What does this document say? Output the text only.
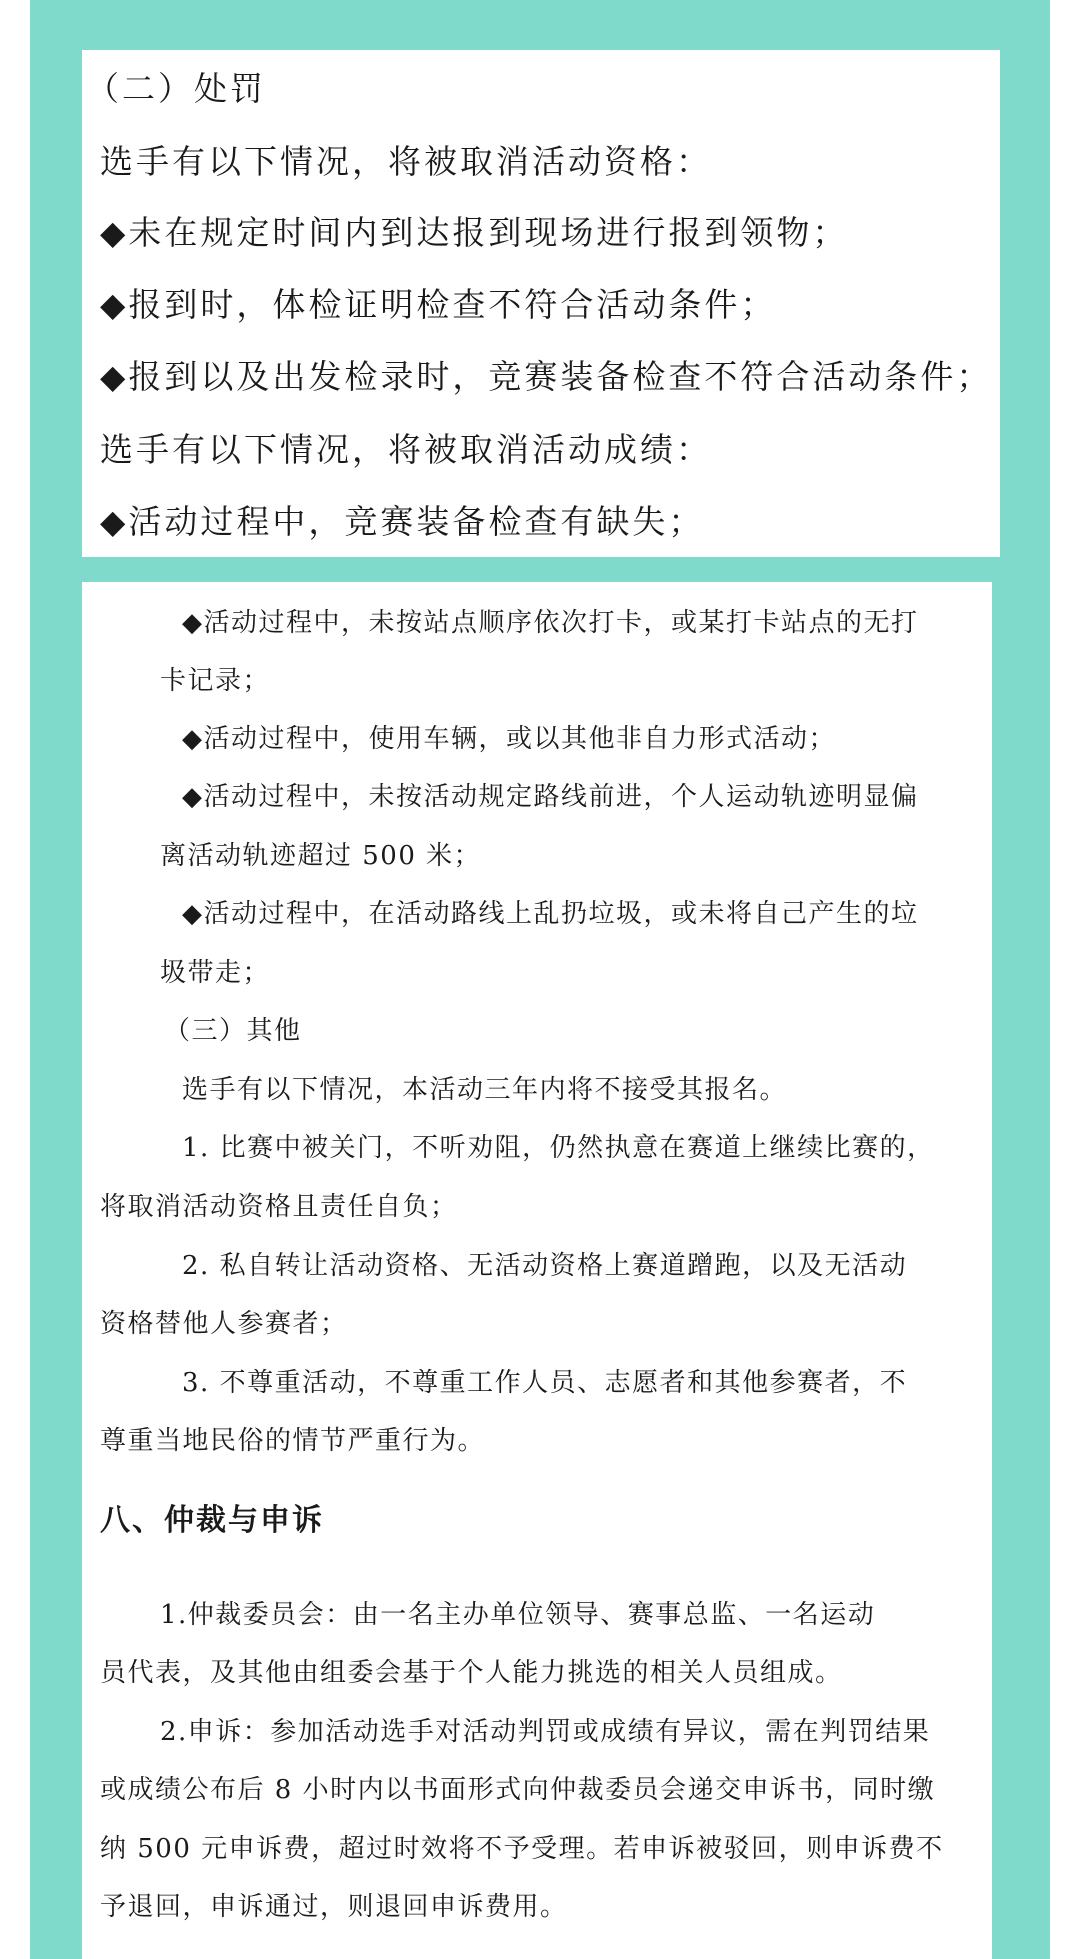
（二）处罚
选手有以下情况，将被取消活动资格：
◆未在规定时间内到达报到现场进行报到领物；
◆报到时，体检证明检查不符合活动条件；
◆报到以及出发检录时，竞赛装备检查不符合活动条件；
选手有以下情况，将被取消活动成绩：
◆活动过程中，竞赛装备检查有缺失；
◆活动过程中，未按站点顺序依次打卡，或某打卡站点的无打
卡记录；
◆活动过程中，使用车辆，或以其他非自力形式活动；
◆活动过程中，未按活动规定路线前进，个人运动轨迹明显偏
离活动轨迹超过 500 米；
◆活动过程中，在活动路线上乱扔垃圾，或未将自己产生的垃
圾带走；
（三）其他
选手有以下情况，本活动三年内将不接受其报名。
1. 比赛中被关门，不听劝阻，仍然执意在赛道上继续比赛的，
将取消活动资格且责任自负；
2. 私自转让活动资格、无活动资格上赛道蹭跑，以及无活动
资格替他人参赛者；
3. 不尊重活动，不尊重工作人员、志愿者和其他参赛者，不
尊重当地民俗的情节严重行为。
八、仲裁与申诉
1.仲裁委员会：由一名主办单位领导、赛事总监、一名运动
员代表，及其他由组委会基于个人能力挑选的相关人员组成。
2.申诉：参加活动选手对活动判罚或成绩有异议，需在判罚结果
或成绩公布后 8 小时内以书面形式向仲裁委员会递交申诉书，同时缴
纳 500 元申诉费，超过时效将不予受理。若申诉被驳回，则申诉费不
予退回，申诉通过，则退回申诉费用。
